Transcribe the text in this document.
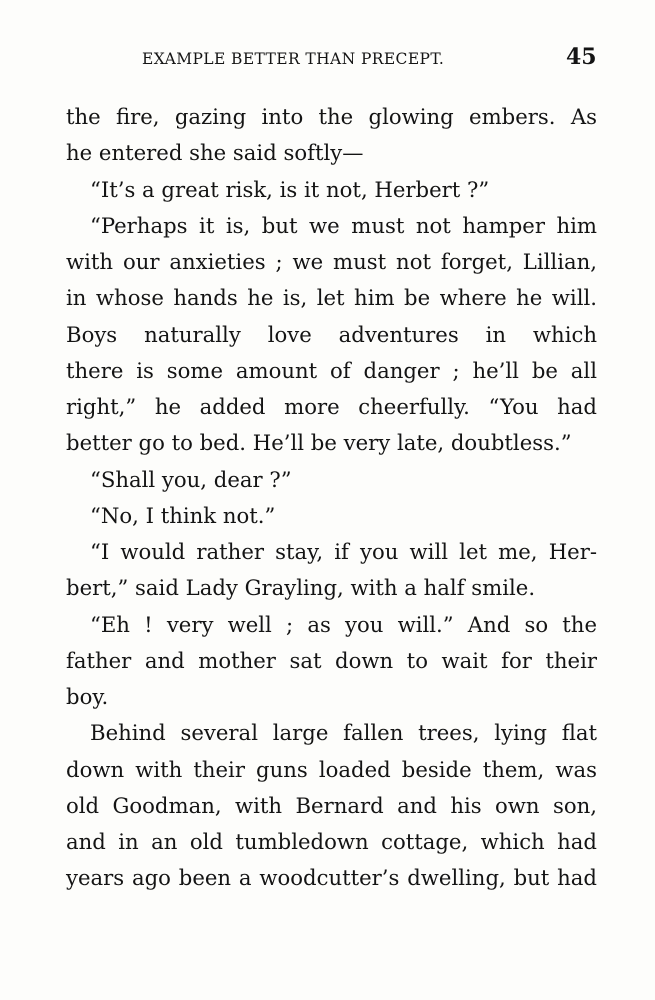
EXAMPLE BETTER THAN PRECEPT.	45
the fire, gazing into the glowing embers. As
he entered she said softly—
“It’s a great risk, is it not, Herbert ?”
“Perhaps it is, but we must not hamper him
with our anxieties ; we must not forget, Lillian,
in whose hands he is, let him be where he will.
Boys naturally love adventures in which
there is some amount of danger ; he’ll be all
right,” he added more cheerfully. “You had
better go to bed. He’ll be very late, doubtless.”
“Shall you, dear ?”
“No, I think not.”
“I would rather stay, if you will let me, Her-
bert,” said Lady Grayling, with a half smile.
“Eh ! very well ; as you will.” And so the
father and mother sat down to wait for their
boy.
Behind several large fallen trees, lying flat
down with their guns loaded beside them, was
old Goodman, with Bernard and his own son,
and in an old tumbledown cottage, which had
years ago been a woodcutter’s dwelling, but had
